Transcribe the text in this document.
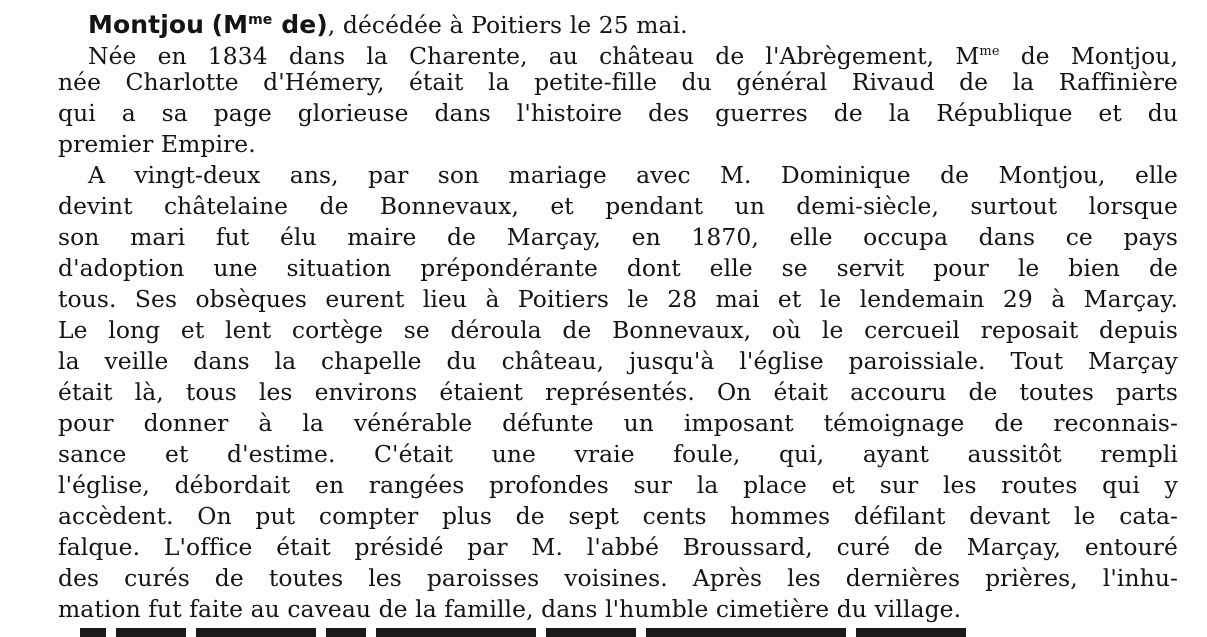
Montjou ($M^{me}$ de), décédée à Poitiers le 25 mai.
Née en 1834 dans la Charente, au château de l'Abrègement, $M^{me}$ de Montjou,
née Charlotte d'Hémery, était la petite-fille du général Rivaud de la Raffinière
qui a sa page glorieuse dans l'histoire des guerres de la République et du
premier Empire.
A vingt-deux ans, par son mariage avec M. Dominique de Montjou, elle
devint châtelaine de Bonnevaux, et pendant un demi-siècle, surtout lorsque
son mari fut élu maire de Marçay, en 1870, elle occupa dans ce pays
d'adoption une situation prépondérante dont elle se servit pour le bien de
tous. Ses obsèques eurent lieu à Poitiers le 28 mai et le lendemain 29 à Marçay.
Le long et lent cortège se déroula de Bonnevaux, où le cercueil reposait depuis
la veille dans la chapelle du château, jusqu'à l'église paroissiale. Tout Marçay
était là, tous les environs étaient représentés. On était accouru de toutes parts
pour donner à la vénérable défunte un imposant témoignage de reconnais-
sance et d'estime. C'était une vraie foule, qui, ayant aussitôt rempli
l'église, débordait en rangées profondes sur la place et sur les routes qui y
accèdent. On put compter plus de sept cents hommes défilant devant le cata-
falque. L'office était présidé par M. l'abbé Broussard, curé de Marçay, entouré
des curés de toutes les paroisses voisines. Après les dernières prières, l'inhu-
mation fut faite au caveau de la famille, dans l'humble cimetière du village.
